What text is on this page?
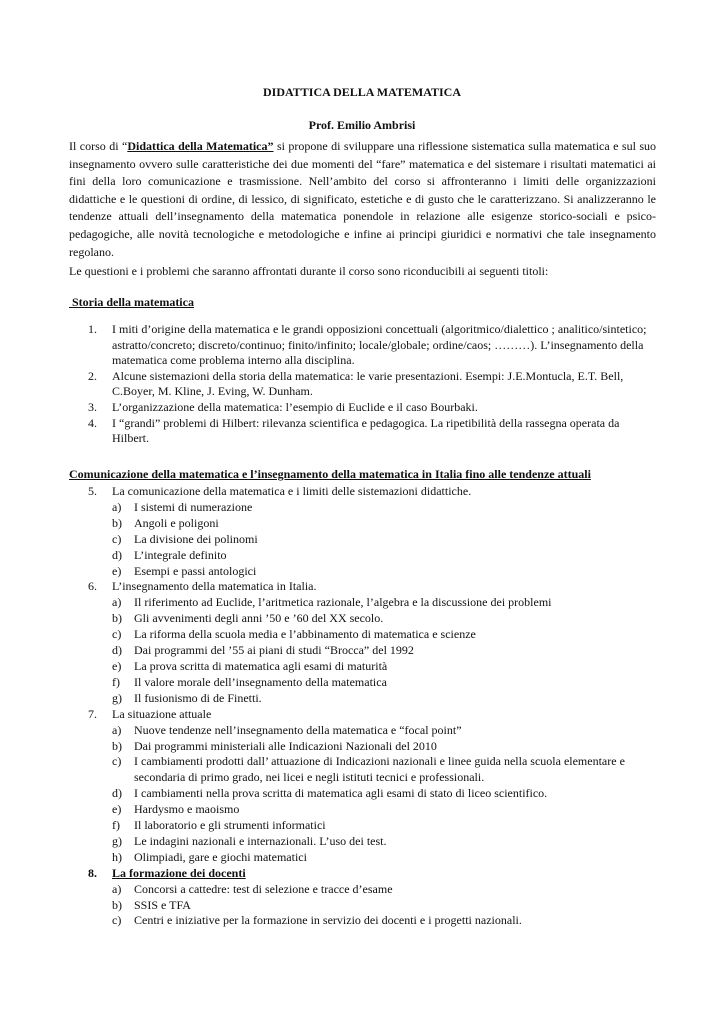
DIDATTICA DELLA MATEMATICA
Prof. Emilio Ambrisi

Il corso di “Didattica della Matematica” si propone di sviluppare una riflessione sistematica sulla matematica e sul suo insegnamento ovvero sulle caratteristiche dei due momenti del “fare” matematica e del sistemare i risultati matematici ai fini della loro comunicazione e trasmissione. Nell’ambito del corso si affronteranno i limiti delle organizzazioni didattiche e le questioni di ordine, di lessico, di significato, estetiche e di gusto che le caratterizzano. Si analizzeranno le tendenze attuali dell’insegnamento della matematica ponendole in relazione alle esigenze storico-sociali e psico-pedagogiche, alle novità tecnologiche e metodologiche e infine ai principi giuridici e normativi che tale insegnamento regolano.

Le questioni e i problemi che saranno affrontati durante il corso sono riconducibili ai seguenti titoli:

Storia della matematica

1. I miti d’origine della matematica e le grandi opposizioni concettuali (algoritmico/dialettico ; analitico/sintetico; astratto/concreto; discreto/continuo; finito/infinito; locale/globale; ordine/caos; ………). L’insegnamento della matematica come problema interno alla disciplina.
2. Alcune sistemazioni della storia della matematica: le varie presentazioni. Esempi: J.E.Montucla, E.T. Bell, C.Boyer, M. Kline, J. Eving, W. Dunham.
3. L’organizzazione della matematica: l’esempio di Euclide e il caso Bourbaki.
4. I “grandi” problemi di Hilbert: rilevanza scientifica e pedagogica. La ripetibilità della rassegna operata da Hilbert.

Comunicazione della matematica e l’insegnamento della matematica in Italia fino alle tendenze attuali

5. La comunicazione della matematica e i limiti delle sistemazioni didattiche.
a) I sistemi di numerazione
b) Angoli e poligoni
c) La divisione dei polinomi
d) L’integrale definito
e) Esempi e passi antologici
6. L’insegnamento della matematica in Italia.
a) Il riferimento ad Euclide, l’aritmetica razionale, l’algebra e la discussione dei problemi
b) Gli avvenimenti degli anni ’50 e ’60 del XX secolo.
c) La riforma della scuola media e l’abbinamento di matematica e scienze
d) Dai programmi del ’55 ai piani di studi “Brocca” del 1992
e) La prova scritta di matematica agli esami di maturità
f) Il valore morale dell’insegnamento della matematica
g) Il fusionismo di de Finetti.
7. La situazione attuale
a) Nuove tendenze nell’insegnamento della matematica e “focal point”
b) Dai programmi ministeriali alle Indicazioni Nazionali del 2010
c) I cambiamenti prodotti dall’ attuazione di Indicazioni nazionali e linee guida nella scuola elementare e secondaria di primo grado, nei licei e negli istituti tecnici e professionali.
d) I cambiamenti nella prova scritta di matematica agli esami di stato di liceo scientifico.
e) Hardysmo e maoismo
f) Il laboratorio e gli strumenti informatici
g) Le indagini nazionali e internazionali. L’uso dei test.
h) Olimpiadi, gare e giochi matematici
8. La formazione dei docenti
a) Concorsi a cattedre: test di selezione e tracce d’esame
b) SSIS e TFA
c) Centri e iniziative per la formazione in servizio dei docenti e i progetti nazionali.
